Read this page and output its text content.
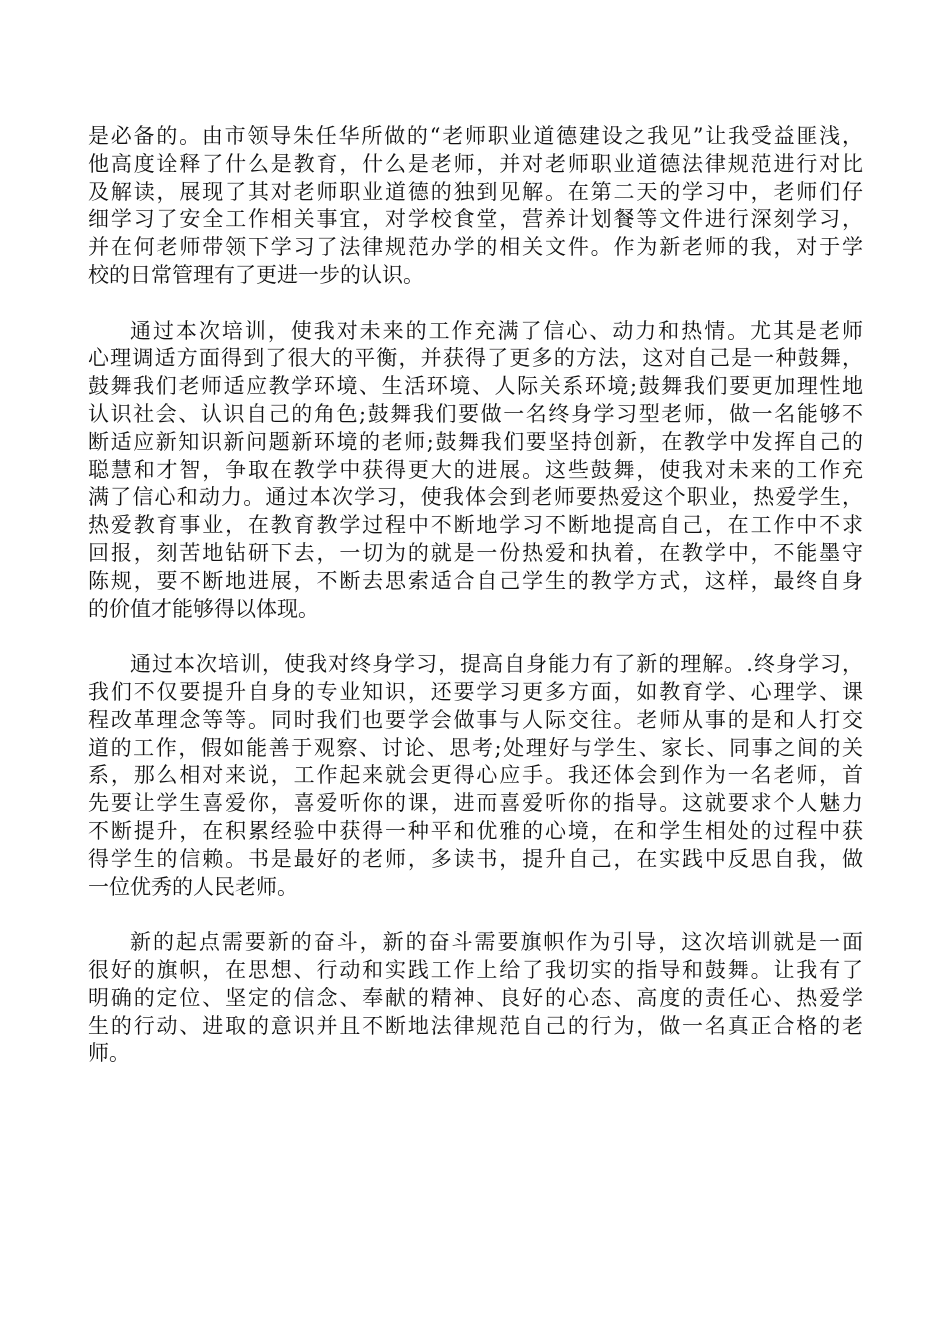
是必备的。由市领导朱任华所做的“老师职业道德建设之我见”让我受益匪浅，
他高度诠释了什么是教育，什么是老师，并对老师职业道德法律规范进行对比
及解读，展现了其对老师职业道德的独到见解。在第二天的学习中，老师们仔
细学习了安全工作相关事宜，对学校食堂，营养计划餐等文件进行深刻学习，
并在何老师带领下学习了法律规范办学的相关文件。作为新老师的我，对于学
校的日常管理有了更进一步的认识。
通过本次培训，使我对未来的工作充满了信心、动力和热情。尤其是老师
心理调适方面得到了很大的平衡，并获得了更多的方法，这对自己是一种鼓舞，
鼓舞我们老师适应教学环境、生活环境、人际关系环境;鼓舞我们要更加理性地
认识社会、认识自己的角色;鼓舞我们要做一名终身学习型老师，做一名能够不
断适应新知识新问题新环境的老师;鼓舞我们要坚持创新，在教学中发挥自己的
聪慧和才智，争取在教学中获得更大的进展。这些鼓舞，使我对未来的工作充
满了信心和动力。通过本次学习，使我体会到老师要热爱这个职业，热爱学生，
热爱教育事业，在教育教学过程中不断地学习不断地提高自己，在工作中不求
回报，刻苦地钻研下去，一切为的就是一份热爱和执着，在教学中，不能墨守
陈规，要不断地进展，不断去思索适合自己学生的教学方式，这样，最终自身
的价值才能够得以体现。
通过本次培训，使我对终身学习，提高自身能力有了新的理解。.终身学习，
我们不仅要提升自身的专业知识，还要学习更多方面，如教育学、心理学、课
程改革理念等等。同时我们也要学会做事与人际交往。老师从事的是和人打交
道的工作，假如能善于观察、讨论、思考;处理好与学生、家长、同事之间的关
系，那么相对来说，工作起来就会更得心应手。我还体会到作为一名老师，首
先要让学生喜爱你，喜爱听你的课，进而喜爱听你的指导。这就要求个人魅力
不断提升，在积累经验中获得一种平和优雅的心境，在和学生相处的过程中获
得学生的信赖。书是最好的老师，多读书，提升自己，在实践中反思自我，做
一位优秀的人民老师。
新的起点需要新的奋斗，新的奋斗需要旗帜作为引导，这次培训就是一面
很好的旗帜，在思想、行动和实践工作上给了我切实的指导和鼓舞。让我有了
明确的定位、坚定的信念、奉献的精神、良好的心态、高度的责任心、热爱学
生的行动、进取的意识并且不断地法律规范自己的行为，做一名真正合格的老
师。
